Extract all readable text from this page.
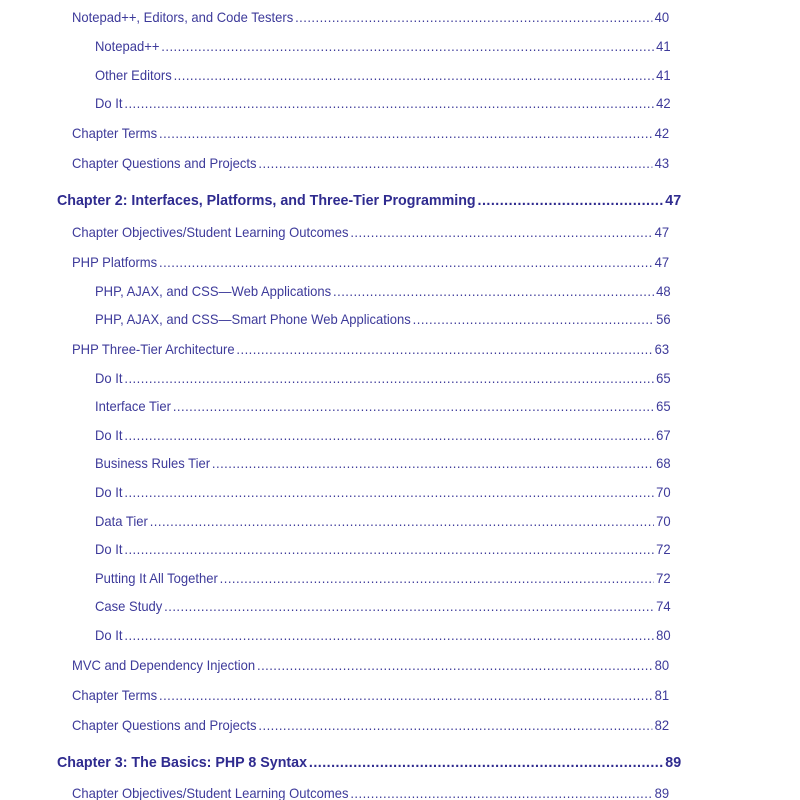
Notepad++, Editors, and Code Testers .....	40
Notepad++ .....	41
Other Editors .....	41
Do It .....	42
Chapter Terms .....	42
Chapter Questions and Projects .....	43
Chapter 2: Interfaces, Platforms, and Three-Tier Programming .....	47
Chapter Objectives/Student Learning Outcomes .....	47
PHP Platforms .....	47
PHP, AJAX, and CSS—Web Applications .....	48
PHP, AJAX, and CSS—Smart Phone Web Applications .....	56
PHP Three-Tier Architecture .....	63
Do It .....	65
Interface Tier .....	65
Do It .....	67
Business Rules Tier .....	68
Do It .....	70
Data Tier .....	70
Do It .....	72
Putting It All Together .....	72
Case Study .....	74
Do It .....	80
MVC and Dependency Injection .....	80
Chapter Terms .....	81
Chapter Questions and Projects .....	82
Chapter 3: The Basics: PHP 8 Syntax .....	89
Chapter Objectives/Student Learning Outcomes .....	89
